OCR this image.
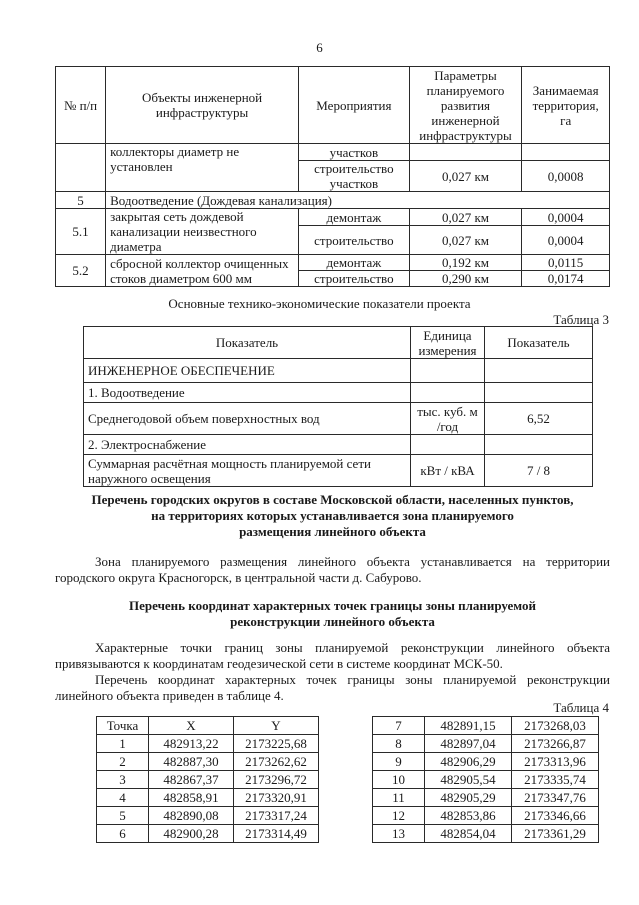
6
№ п/п	Объекты инженерной инфраструктуры	Мероприятия	Параметры планируемого развития инженерной инфраструктуры	Занимаемая территория, га
	коллекторы диаметр не установлен	участков		
		строительство участков	0,027 км	0,0008
5	Водоотведение (Дождевая канализация)			
5.1	закрытая сеть дождевой канализации неизвестного диаметра	демонтаж	0,027 км	0,0004
		строительство	0,027 км	0,0004
5.2	сбросной коллектор очищенных стоков диаметром 600 мм	демонтаж	0,192 км	0,0115
		строительство	0,290 км	0,0174
Основные технико-экономические показатели проекта
Таблица 3
Показатель	Единица измерения	Показатель
ИНЖЕНЕРНОЕ ОБЕСПЕЧЕНИЕ		
1. Водоотведение		
Среднегодовой объем поверхностных вод	тыс. куб. м /год	6,52
2. Электроснабжение		
Суммарная расчётная мощность планируемой сети наружного освещения	кВт / кВА	7 / 8
Перечень городских округов в составе Московской области, населенных пунктов,
на территориях которых устанавливается зона планируемого
размещения линейного объекта
Зона планируемого размещения линейного объекта устанавливается на территории
городского округа Красногорск, в центральной части д. Сабурово.
Перечень координат характерных точек границы зоны планируемой
реконструкции линейного объекта
Характерные точки границ зоны планируемой реконструкции линейного объекта
привязываются к координатам геодезической сети в системе координат МСК-50.
Перечень координат характерных точек границы зоны планируемой реконструкции
линейного объекта приведен в таблице 4.
Таблица 4
Точка	X	Y
1	482913,22	2173225,68
2	482887,30	2173262,62
3	482867,37	2173296,72
4	482858,91	2173320,91
5	482890,08	2173317,24
6	482900,28	2173314,49
7	482891,15	2173268,03
8	482897,04	2173266,87
9	482906,29	2173313,96
10	482905,54	2173335,74
11	482905,29	2173347,76
12	482853,86	2173346,66
13	482854,04	2173361,29
